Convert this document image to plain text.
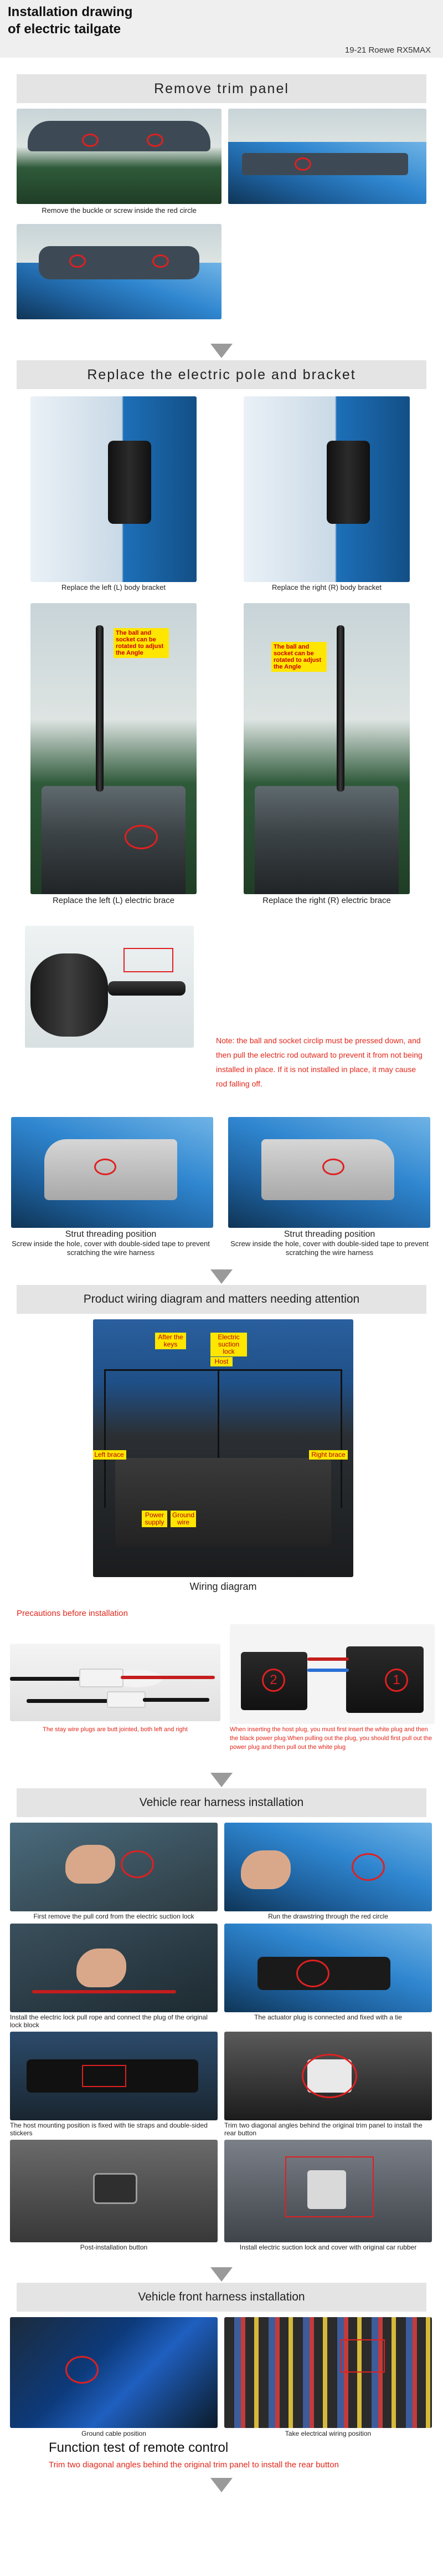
Installation drawing
of electric tailgate
19-21 Roewe RX5MAX
Remove trim panel
Remove the buckle or screw inside the red circle
Replace the electric pole and bracket
Replace the left (L) body bracket	Replace the right (R) body bracket
The ball and socket can be rotated to adjust the Angle
The ball and socket can be rotated to adjust the Angle
Replace the left (L) electric brace	Replace the right (R) electric brace
Note: the ball and socket circlip must be pressed down, and then pull the electric rod outward to prevent it from not being installed in place. If it is not installed in place, it may cause rod falling off.
Strut threading position
Screw inside the hole, cover with double-sided tape to prevent scratching the wire harness
Strut threading position
Screw inside the hole, cover with double-sided tape to prevent scratching the wire harness
Product wiring diagram and matters needing attention
After the keys
Electric suction lock
Host
Left brace	Right brace
Power supply
Ground wire
Wiring diagram
Precautions before installation
The stay wire plugs are butt jointed, both left and right
2	1
When inserting the host plug, you must first insert the white plug and then the black power plug.When pulling out the plug, you should first pull out the power plug and then pull out the white plug
Vehicle rear harness installation
First remove the pull cord from the electric suction lock	Run the drawstring through the red circle
Install the electric lock pull rope and connect the plug of the original lock block
The actuator plug is connected and fixed with a tie
The host mounting position is fixed with tie straps and double-sided stickers
Trim two diagonal angles behind the original trim panel to install the rear button
Post-installation button	Install electric suction lock and cover with original car rubber
Vehicle front harness installation
Ground cable position	Take electrical wiring position
Function test of remote control
Trim two diagonal angles behind the original trim panel to install the rear button
